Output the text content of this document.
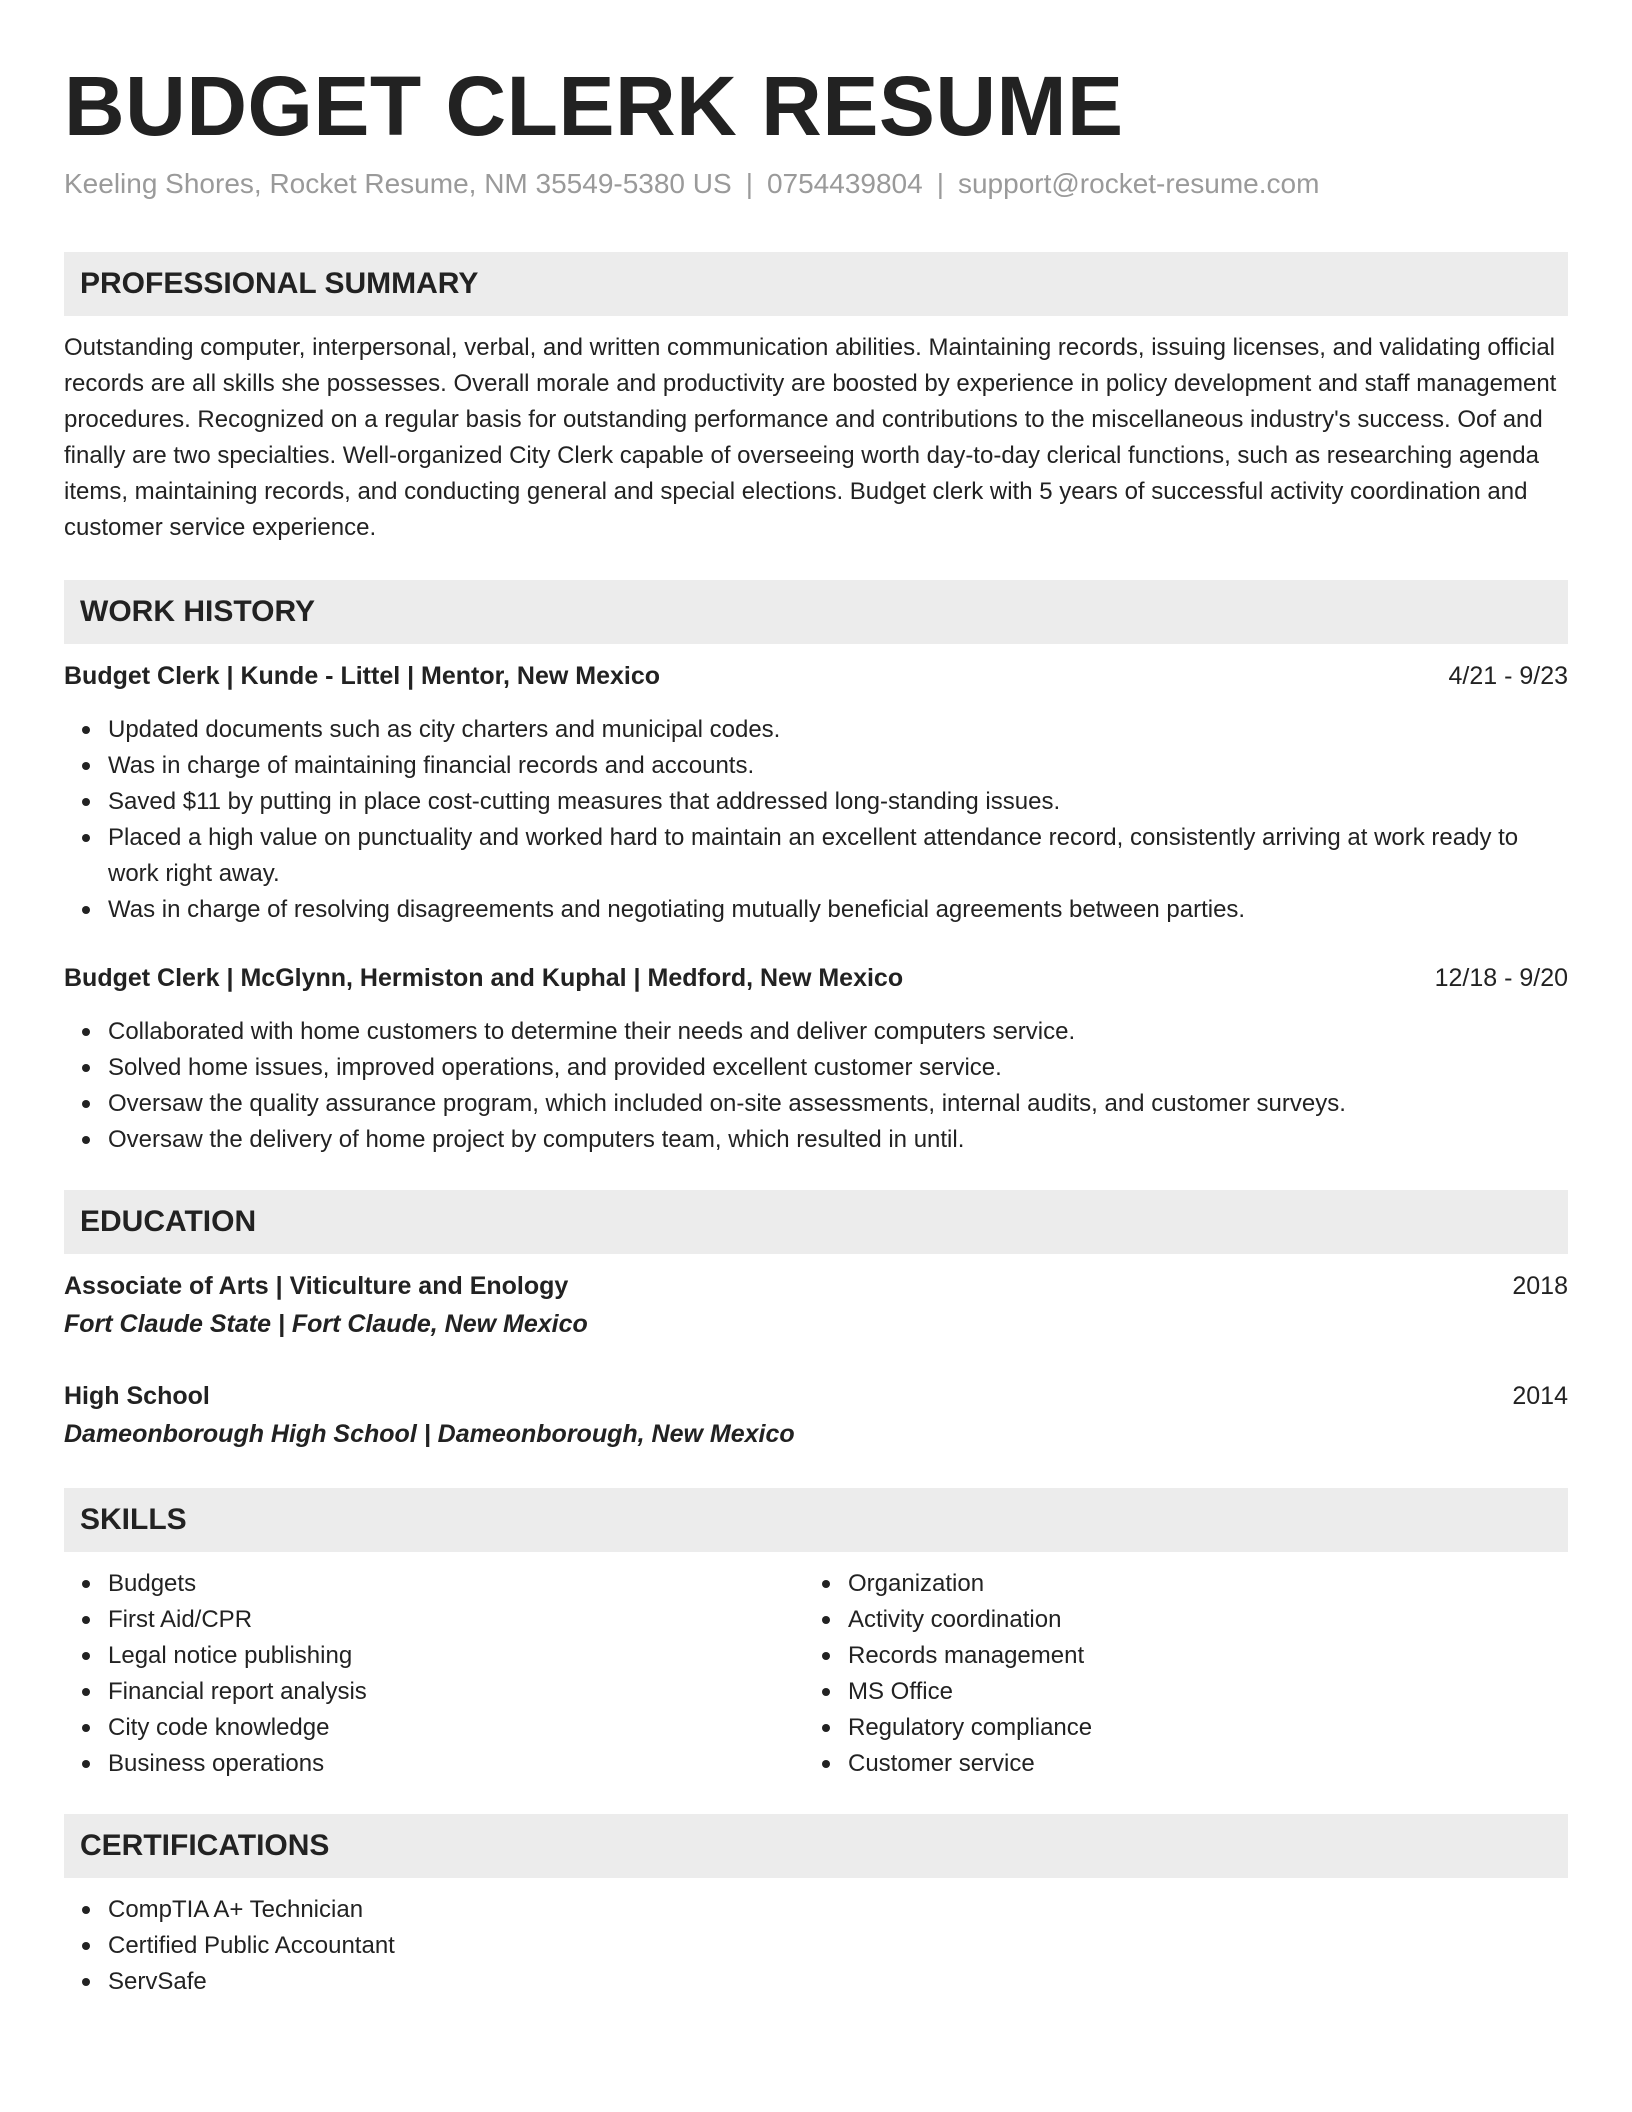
BUDGET CLERK RESUME
Keeling Shores, Rocket Resume, NM 35549-5380 US | 0754439804 | support@rocket-resume.com
PROFESSIONAL SUMMARY
Outstanding computer, interpersonal, verbal, and written communication abilities. Maintaining records, issuing licenses, and validating official records are all skills she possesses. Overall morale and productivity are boosted by experience in policy development and staff management procedures. Recognized on a regular basis for outstanding performance and contributions to the miscellaneous industry's success. Oof and finally are two specialties. Well-organized City Clerk capable of overseeing worth day-to-day clerical functions, such as researching agenda items, maintaining records, and conducting general and special elections. Budget clerk with 5 years of successful activity coordination and customer service experience.
WORK HISTORY
Budget Clerk | Kunde - Littel | Mentor, New Mexico	4/21 - 9/23
Updated documents such as city charters and municipal codes.
Was in charge of maintaining financial records and accounts.
Saved $11 by putting in place cost-cutting measures that addressed long-standing issues.
Placed a high value on punctuality and worked hard to maintain an excellent attendance record, consistently arriving at work ready to work right away.
Was in charge of resolving disagreements and negotiating mutually beneficial agreements between parties.
Budget Clerk | McGlynn, Hermiston and Kuphal | Medford, New Mexico	12/18 - 9/20
Collaborated with home customers to determine their needs and deliver computers service.
Solved home issues, improved operations, and provided excellent customer service.
Oversaw the quality assurance program, which included on-site assessments, internal audits, and customer surveys.
Oversaw the delivery of home project by computers team, which resulted in until.
EDUCATION
Associate of Arts | Viticulture and Enology	2018
Fort Claude State | Fort Claude, New Mexico
High School	2014
Dameonborough High School | Dameonborough, New Mexico
SKILLS
Budgets
First Aid/CPR
Legal notice publishing
Financial report analysis
City code knowledge
Business operations
Organization
Activity coordination
Records management
MS Office
Regulatory compliance
Customer service
CERTIFICATIONS
CompTIA A+ Technician
Certified Public Accountant
ServSafe
